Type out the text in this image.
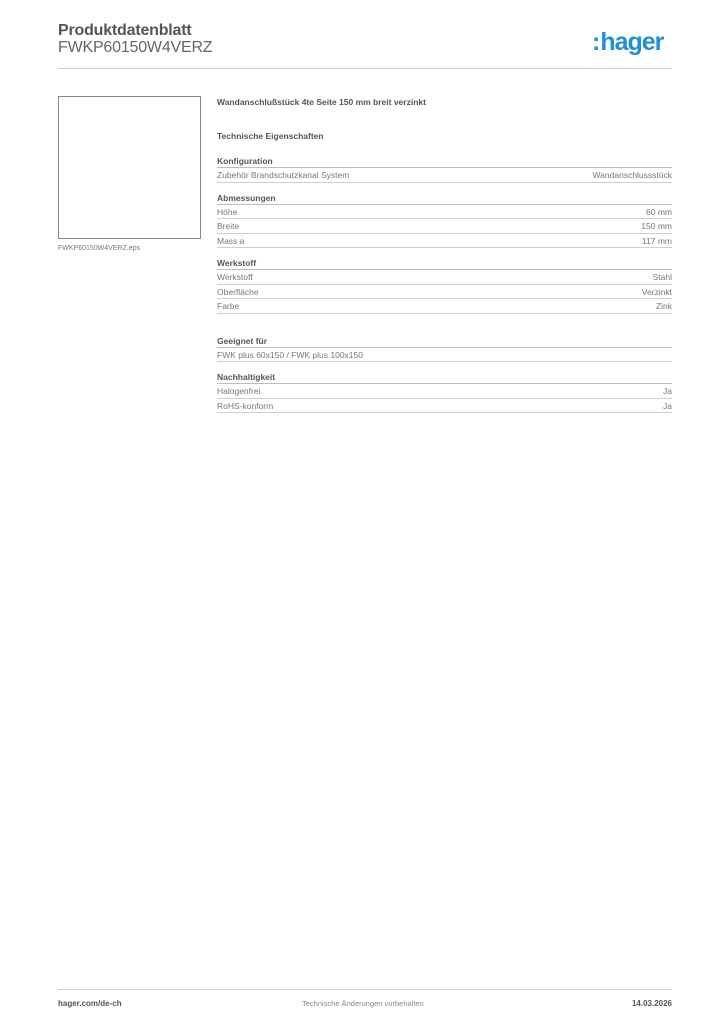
Produktdatenblatt
FWKP60150W4VERZ	:hager
FWKP60150W4VERZ.eps
Wandanschlußstück 4te Seite 150 mm breit verzinkt
Technische Eigenschaften
Konfiguration
Zubehör Brandschutzkanal System	Wandanschlussstück
Abmessungen
Höhe	60 mm
Breite	150 mm
Mass a	117 mm
Werkstoff
Werkstoff	Stahl
Oberfläche	Verzinkt
Farbe	Zink
Geeignet für
FWK plus 60x150 / FWK plus 100x150
Nachhaltigkeit
Halogenfrei	Ja
RoHS-konform	Ja
hager.com/de-ch	Technische Änderungen vorbehalten	14.03.2026
